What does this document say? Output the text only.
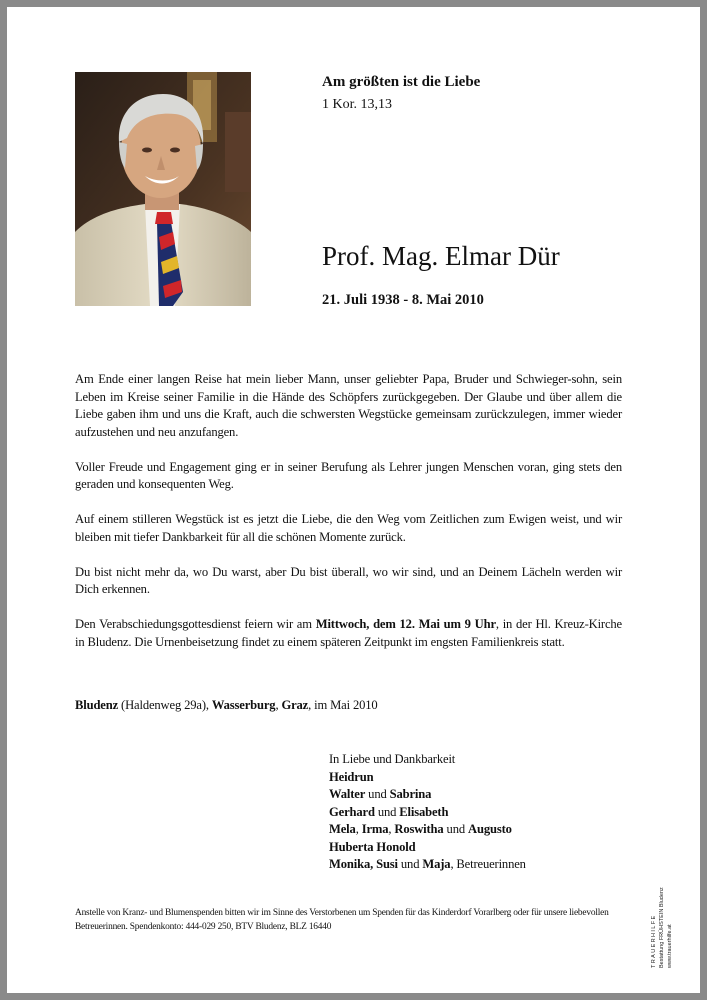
Am größten ist die Liebe
1 Kor. 13,13
Prof. Mag. Elmar Dür
21. Juli 1938 - 8. Mai 2010

Am Ende einer langen Reise hat mein lieber Mann, unser geliebter Papa, Bruder und Schwieger-sohn, sein Leben im Kreise seiner Familie in die Hände des Schöpfers zurückgegeben. Der Glaube und über allem die Liebe gaben ihm und uns die Kraft, auch die schwersten Wegstücke gemeinsam zurückzulegen, immer wieder aufzustehen und neu anzufangen.

Voller Freude und Engagement ging er in seiner Berufung als Lehrer jungen Menschen voran, ging stets den geraden und konsequenten Weg.

Auf einem stilleren Wegstück ist es jetzt die Liebe, die den Weg vom Zeitlichen zum Ewigen weist, und wir bleiben mit tiefer Dankbarkeit für all die schönen Momente zurück.

Du bist nicht mehr da, wo Du warst, aber Du bist überall, wo wir sind, und an Deinem Lächeln werden wir Dich erkennen.

Den Verabschiedungsgottesdienst feiern wir am Mittwoch, dem 12. Mai um 9 Uhr, in der Hl. Kreuz-Kirche in Bludenz. Die Urnenbeisetzung findet zu einem späteren Zeitpunkt im engsten Familienkreis statt.

Bludenz (Haldenweg 29a), Wasserburg, Graz, im Mai 2010
In Liebe und Dankbarkeit
Heidrun
Walter und Sabrina
Gerhard und Elisabeth
Mela, Irma, Roswitha und Augusto
Huberta Honold
Monika, Susi und Maja, Betreuerinnen
Anstelle von Kranz- und Blumenspenden bitten wir im Sinne des Verstorbenen um Spenden für das Kinderdorf Vorarlberg oder für unsere liebevollen Betreuerinnen. Spendenkonto: 444-029 250, BTV Bludenz, BLZ 16440	TRAUERHILFE Bestattung FRÜHSTEIN Bludenz www.trauerhilfe.at
